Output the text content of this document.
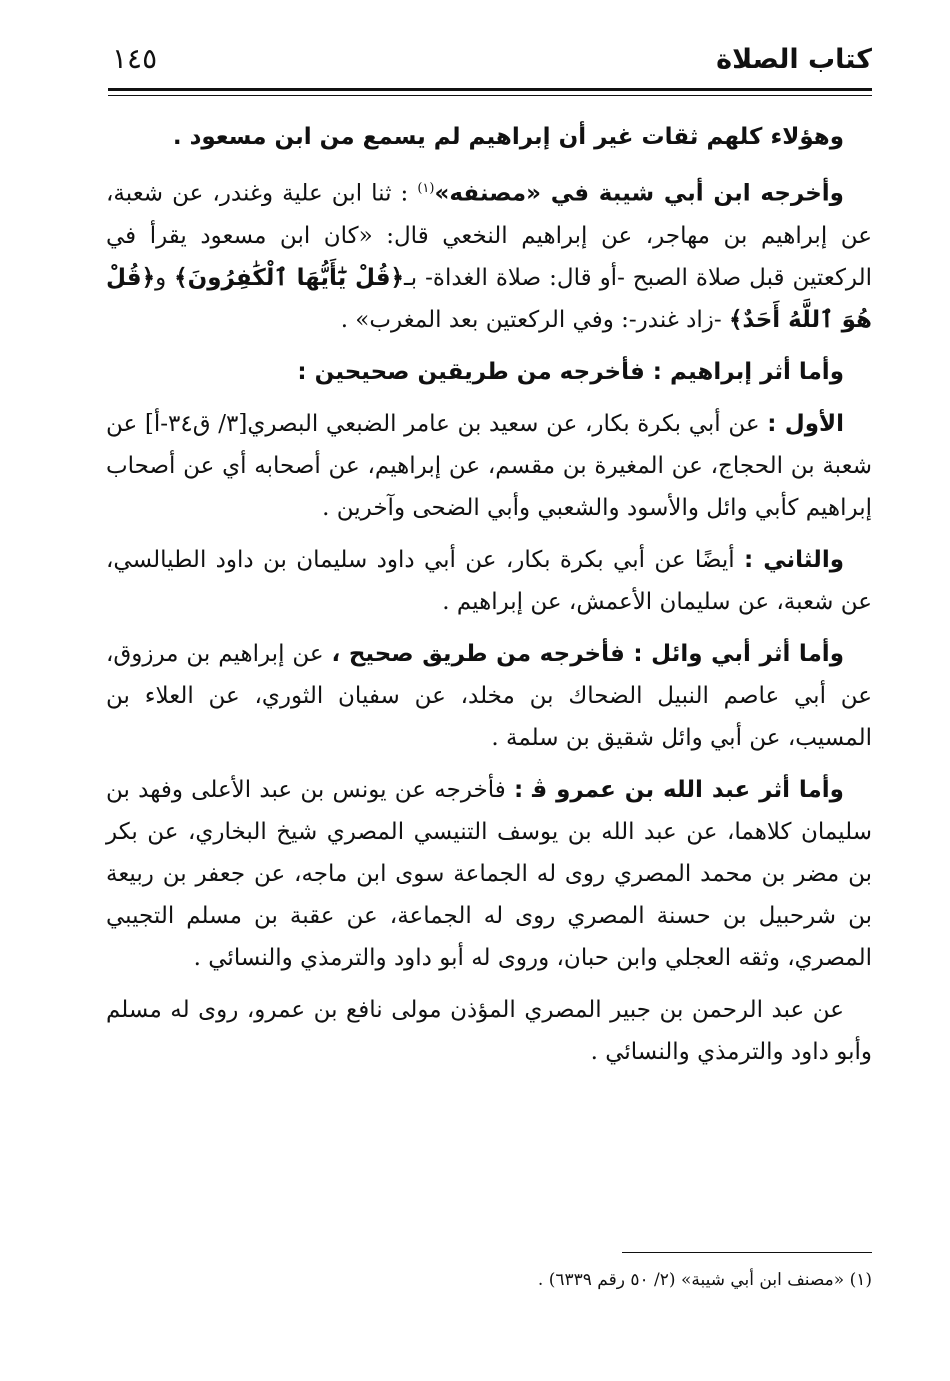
كتاب الصلاة
١٤٥

وهؤلاء كلهم ثقات غير أن إبراهيم لم يسمع من ابن مسعود .

وأخرجه ابن أبي شيبة في «مصنفه»$^{(١)}$ : ثنا ابن علية وغندر، عن شعبة، عن إبراهيم بن مهاجر، عن إبراهيم النخعي قال: «كان ابن مسعود يقرأ في الركعتين قبل صلاة الصبح -أو قال: صلاة الغداة- بـ﴿قُلْ يَٰٓأَيُّهَا ٱلْكَٰفِرُونَ﴾ و﴿قُلْ هُوَ ٱللَّهُ أَحَدٌ﴾ -زاد غندر-: وفي الركعتين بعد المغرب» .

وأما أثر إبراهيم : فأخرجه من طريقين صحيحين :

الأول : عن أبي بكرة بكار، عن سعيد بن عامر الضبعي البصري[٣/ ق٣٤-أ] عن شعبة بن الحجاج، عن المغيرة بن مقسم، عن إبراهيم، عن أصحابه أي عن أصحاب إبراهيم كأبي وائل والأسود والشعبي وأبي الضحى وآخرين .

والثاني : أيضًا عن أبي بكرة بكار، عن أبي داود سليمان بن داود الطيالسي، عن شعبة، عن سليمان الأعمش، عن إبراهيم .

وأما أثر أبي وائل : فأخرجه من طريق صحيح ، عن إبراهيم بن مرزوق، عن أبي عاصم النبيل الضحاك بن مخلد، عن سفيان الثوري، عن العلاء بن المسيب، عن أبي وائل شقيق بن سلمة .

وأما أثر عبد الله بن عمرو ﭬ : فأخرجه عن يونس بن عبد الأعلى وفهد بن سليمان كلاهما، عن عبد الله بن يوسف التنيسي المصري شيخ البخاري، عن بكر بن مضر بن محمد المصري روى له الجماعة سوى ابن ماجه، عن جعفر بن ربيعة بن شرحبيل بن حسنة المصري روى له الجماعة، عن عقبة بن مسلم التجيبي المصري، وثقه العجلي وابن حبان، وروى له أبو داود والترمذي والنسائي .

عن عبد الرحمن بن جبير المصري المؤذن مولى نافع بن عمرو، روى له مسلم وأبو داود والترمذي والنسائي .

(١) «مصنف ابن أبي شيبة» (٢/ ٥٠ رقم ٦٣٣٩) .
